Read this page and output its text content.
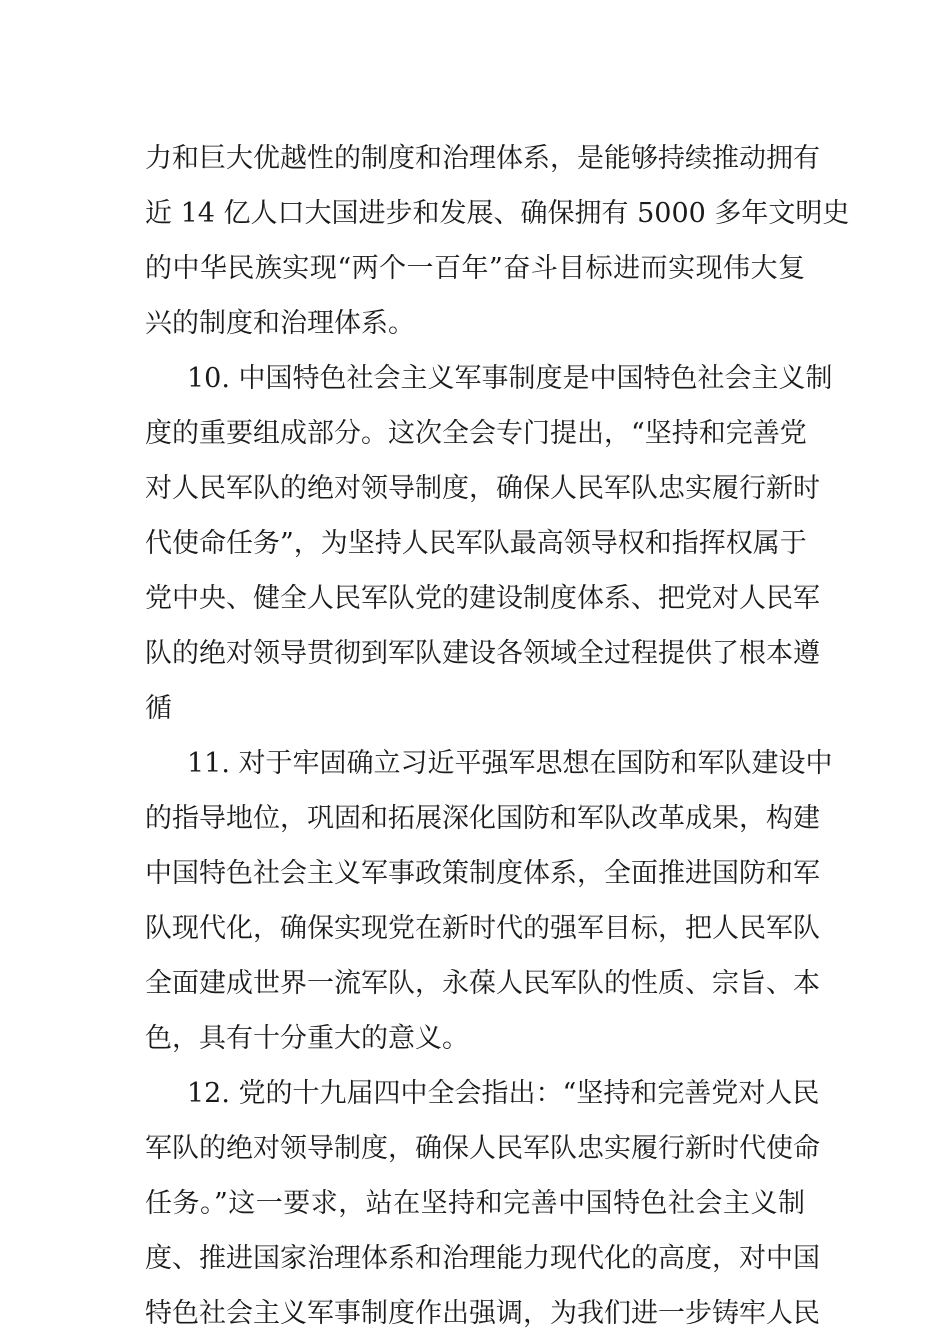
力和巨大优越性的制度和治理体系，是能够持续推动拥有
近 14 亿人口大国进步和发展、确保拥有 5000 多年文明史
的中华民族实现“两个一百年”奋斗目标进而实现伟大复
兴的制度和治理体系。
10. 中国特色社会主义军事制度是中国特色社会主义制
度的重要组成部分。这次全会专门提出，“坚持和完善党
对人民军队的绝对领导制度，确保人民军队忠实履行新时
代使命任务”，为坚持人民军队最高领导权和指挥权属于
党中央、健全人民军队党的建设制度体系、把党对人民军
队的绝对领导贯彻到军队建设各领域全过程提供了根本遵
循
11. 对于牢固确立习近平强军思想在国防和军队建设中
的指导地位，巩固和拓展深化国防和军队改革成果，构建
中国特色社会主义军事政策制度体系，全面推进国防和军
队现代化，确保实现党在新时代的强军目标，把人民军队
全面建成世界一流军队，永葆人民军队的性质、宗旨、本
色，具有十分重大的意义。
12. 党的十九届四中全会指出：“坚持和完善党对人民
军队的绝对领导制度，确保人民军队忠实履行新时代使命
任务。”这一要求，站在坚持和完善中国特色社会主义制
度、推进国家治理体系和治理能力现代化的高度，对中国
特色社会主义军事制度作出强调，为我们进一步铸牢人民
